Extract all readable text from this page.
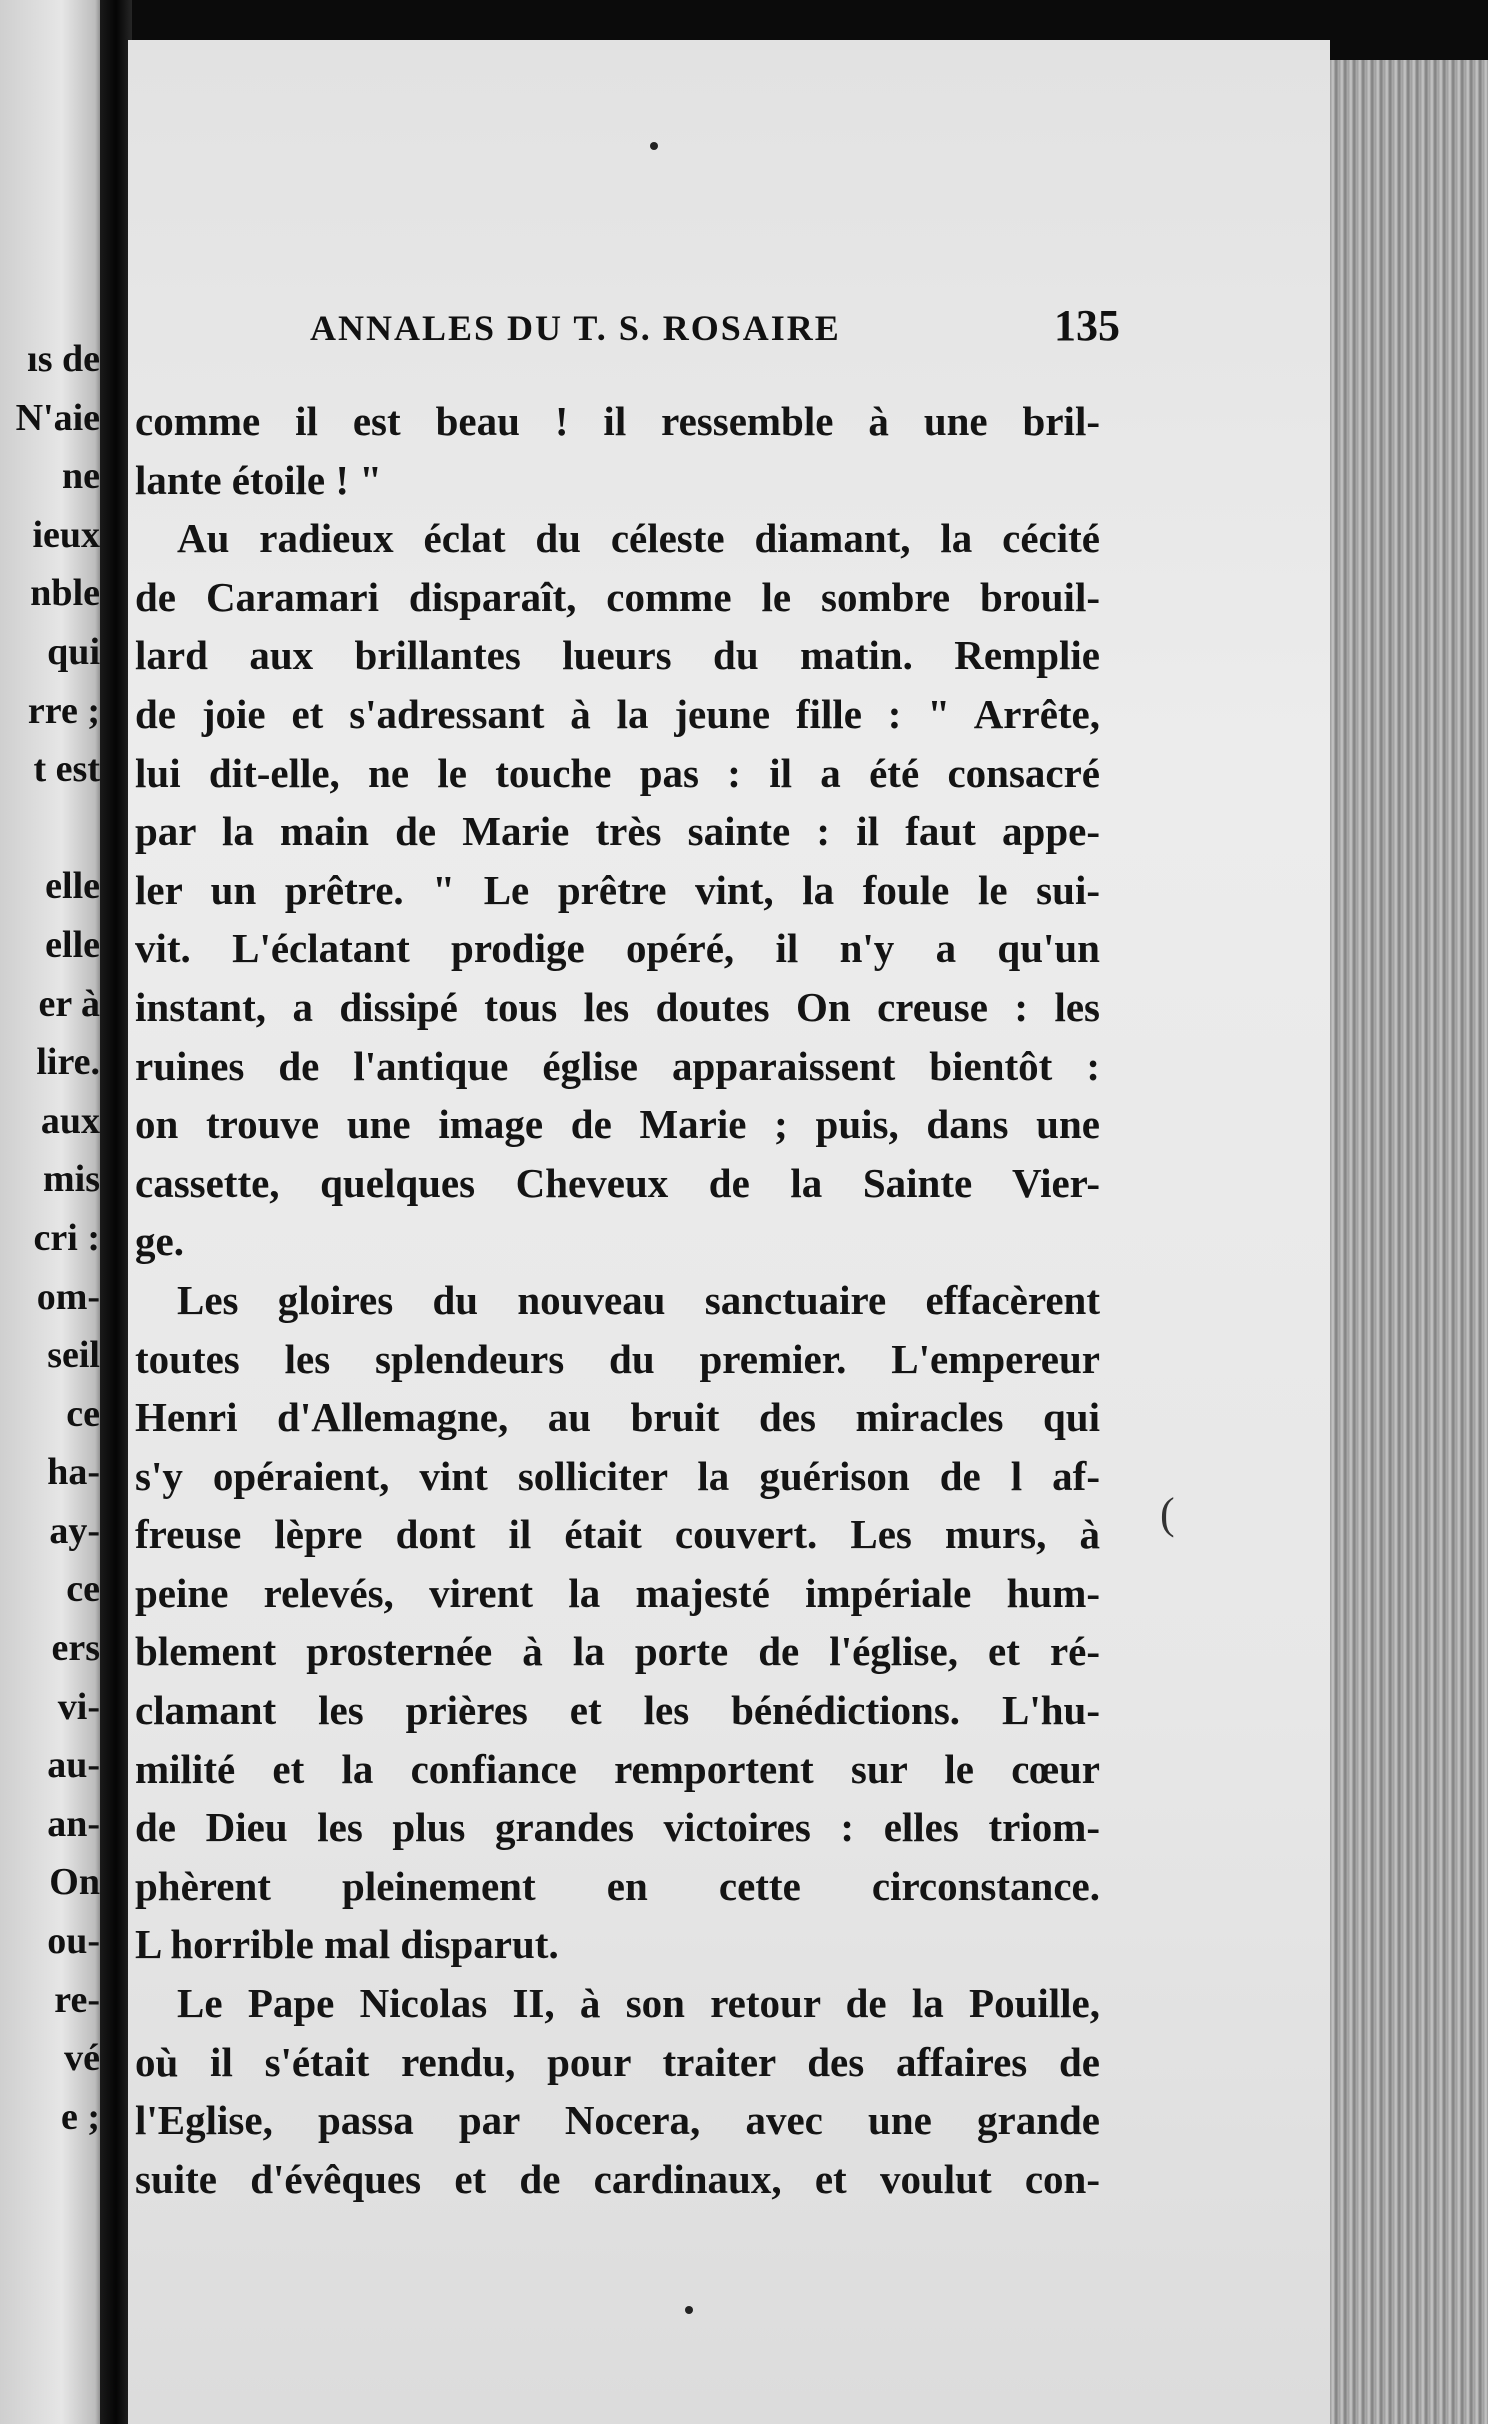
ıs de
N'aie
ne
ieux
nble
qui
rre ;
t est
elle
elle
er à
lire.
aux
mis
cri :
om-
seil
ce
ha-
ay-
ce
ers
vi-
au-
an-
On
ou-
re-
vé
e ;
ANNALES DU T. S. ROSAIRE	135
comme il est beau ! il ressemble à une bril-
lante étoile ! "
Au radieux éclat du céleste diamant, la cécité
de Caramari disparaît, comme le sombre brouil-
lard aux brillantes lueurs du matin. Remplie
de joie et s'adressant à la jeune fille : " Arrête,
lui dit-elle, ne le touche pas : il a été consacré
par la main de Marie très sainte : il faut appe-
ler un prêtre. " Le prêtre vint, la foule le sui-
vit. L'éclatant prodige opéré, il n'y a qu'un
instant, a dissipé tous les doutes On creuse : les
ruines de l'antique église apparaissent bientôt :
on trouve une image de Marie ; puis, dans une
cassette, quelques Cheveux de la Sainte Vier-
ge.
Les gloires du nouveau sanctuaire effacèrent
toutes les splendeurs du premier. L'empereur
Henri d'Allemagne, au bruit des miracles qui
s'y opéraient, vint solliciter la guérison de l af-
freuse lèpre dont il était couvert. Les murs, à
peine relevés, virent la majesté impériale hum-
blement prosternée à la porte de l'église, et ré-
clamant les prières et les bénédictions. L'hu-
milité et la confiance remportent sur le cœur
de Dieu les plus grandes victoires : elles triom-
phèrent pleinement en cette circonstance.
L horrible mal disparut.
Le Pape Nicolas II, à son retour de la Pouille,
où il s'était rendu, pour traiter des affaires de
l'Eglise, passa par Nocera, avec une grande
suite d'évêques et de cardinaux, et voulut con-
(
